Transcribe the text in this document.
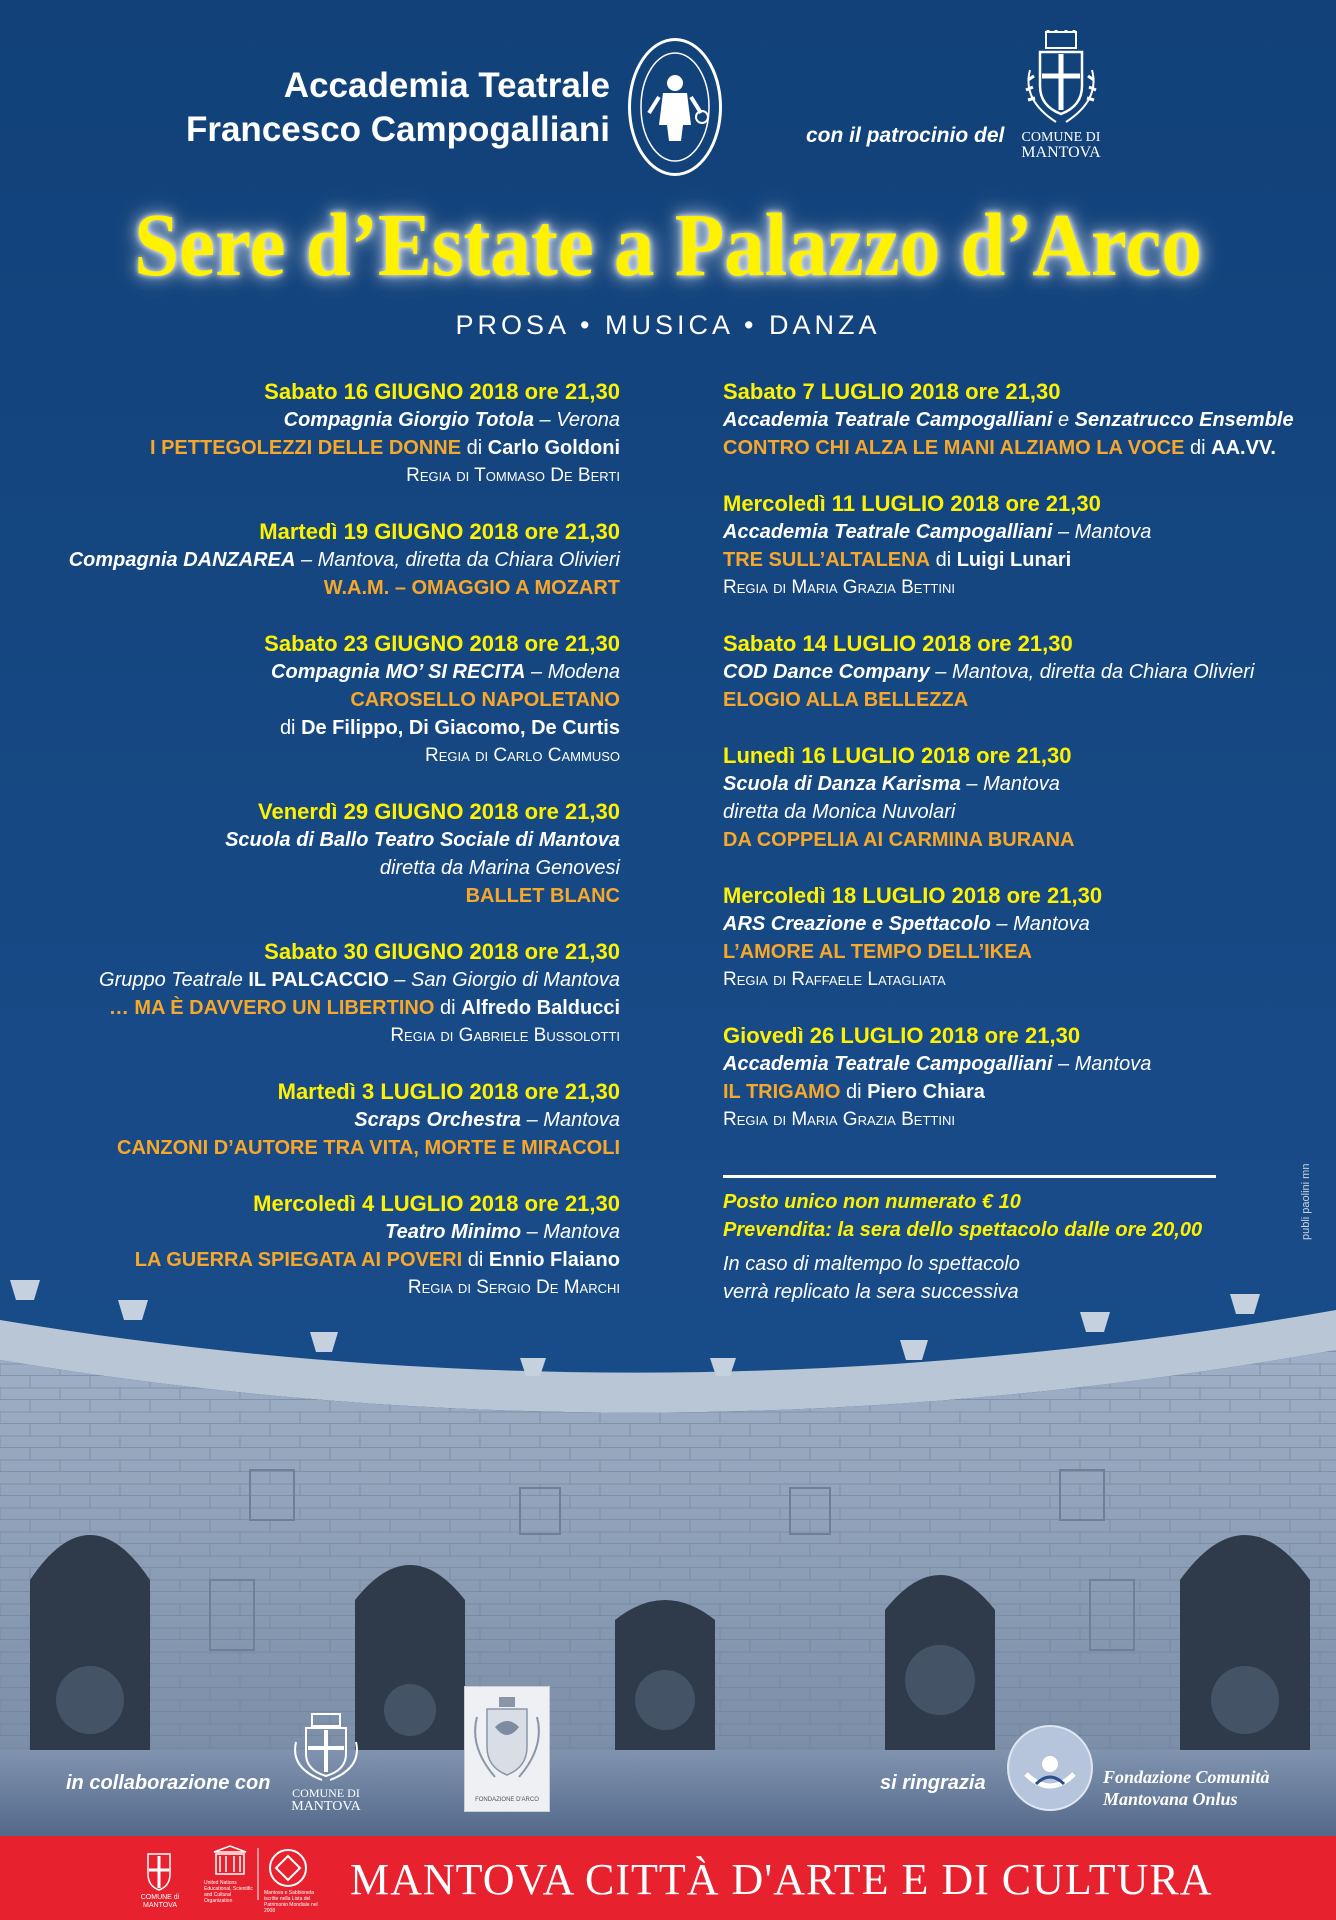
Accademia Teatrale
Francesco Campogalliani	con il patrocinio del	COMUNE DI
MANTOVA
Sere d’Estate a Palazzo d’Arco
PROSA • MUSICA • DANZA
Sabato 16 GIUGNO 2018 ore 21,30
Compagnia Giorgio Totola – Verona
I PETTEGOLEZZI DELLE DONNE di Carlo Goldoni
Regia di Tommaso De Berti
Martedì 19 GIUGNO 2018 ore 21,30
Compagnia DANZAREA – Mantova, diretta da Chiara Olivieri
W.A.M. – OMAGGIO A MOZART
Sabato 23 GIUGNO 2018 ore 21,30
Compagnia MO’ SI RECITA – Modena
CAROSELLO NAPOLETANO
di De Filippo, Di Giacomo, De Curtis
Regia di Carlo Cammuso
Venerdì 29 GIUGNO 2018 ore 21,30
Scuola di Ballo Teatro Sociale di Mantova
diretta da Marina Genovesi
BALLET BLANC
Sabato 30 GIUGNO 2018 ore 21,30
Gruppo Teatrale IL PALCACCIO – San Giorgio di Mantova
… MA È DAVVERO UN LIBERTINO di Alfredo Balducci
Regia di Gabriele Bussolotti
Martedì 3 LUGLIO 2018 ore 21,30
Scraps Orchestra – Mantova
CANZONI D’AUTORE TRA VITA, MORTE E MIRACOLI
Mercoledì 4 LUGLIO 2018 ore 21,30
Teatro Minimo – Mantova
LA GUERRA SPIEGATA AI POVERI di Ennio Flaiano
Regia di Sergio De Marchi
Sabato 7 LUGLIO 2018 ore 21,30
Accademia Teatrale Campogalliani e Senzatrucco Ensemble
CONTRO CHI ALZA LE MANI ALZIAMO LA VOCE di AA.VV.
Mercoledì 11 LUGLIO 2018 ore 21,30
Accademia Teatrale Campogalliani – Mantova
TRE SULL’ALTALENA di Luigi Lunari
Regia di Maria Grazia Bettini
Sabato 14 LUGLIO 2018 ore 21,30
COD Dance Company – Mantova, diretta da Chiara Olivieri
ELOGIO ALLA BELLEZZA
Lunedì 16 LUGLIO 2018 ore 21,30
Scuola di Danza Karisma – Mantova
diretta da Monica Nuvolari
DA COPPELIA AI CARMINA BURANA
Mercoledì 18 LUGLIO 2018 ore 21,30
ARS Creazione e Spettacolo – Mantova
L’AMORE AL TEMPO DELL’IKEA
Regia di Raffaele Latagliata
Giovedì 26 LUGLIO 2018 ore 21,30
Accademia Teatrale Campogalliani – Mantova
IL TRIGAMO di Piero Chiara
Regia di Maria Grazia Bettini
Posto unico non numerato € 10
Prevendita: la sera dello spettacolo dalle ore 20,00
In caso di maltempo lo spettacolo
verrà replicato la sera successiva
publi paolini mn
in collaborazione con	COMUNE DI
MANTOVA	FONDAZIONE D'ARCO
si ringrazia	Fondazione Comunità
Mantovana Onlus
COMUNE di MANTOVA
United Nations Educational, Scientific and Cultural Organization
Mantova e Sabbioneta iscritte nella Lista del Patrimonio Mondiale nel 2008
MANTOVA CITTÀ D'ARTE E DI CULTURA
